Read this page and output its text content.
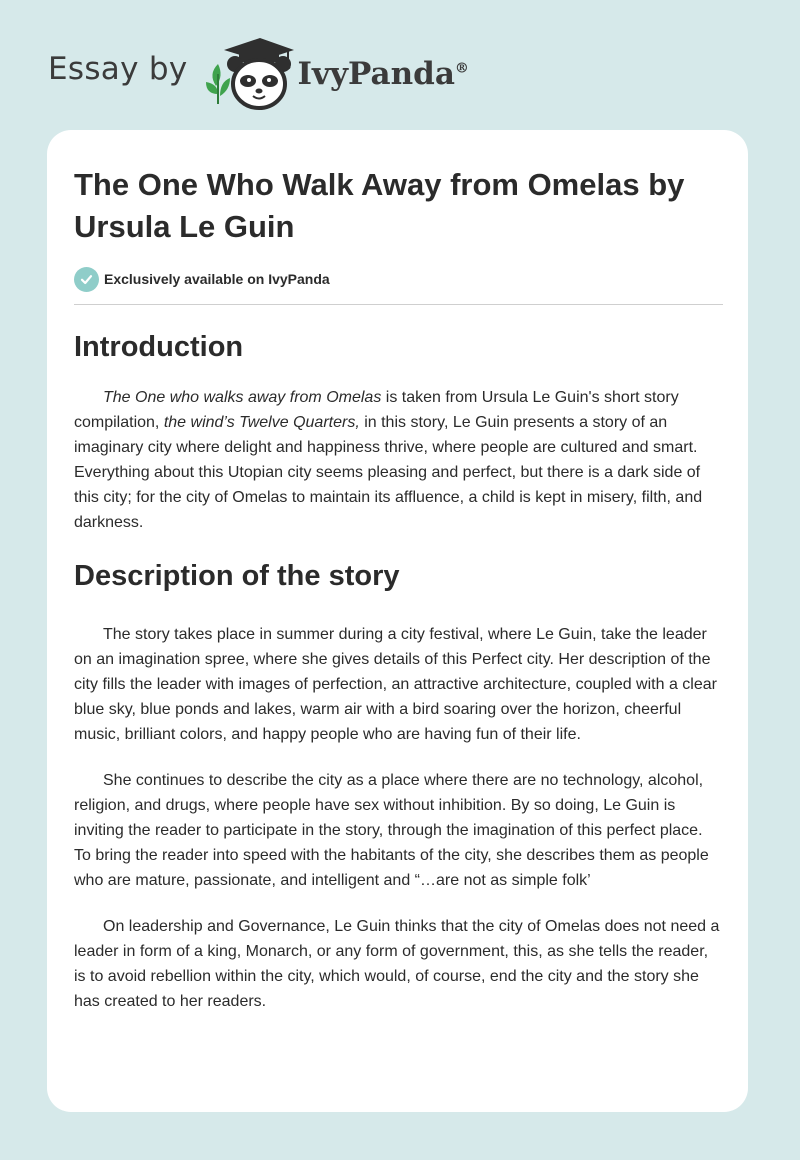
Essay by	IvyPanda®
The One Who Walk Away from Omelas by Ursula Le Guin
Exclusively available on IvyPanda
Introduction

The One who walks away from Omelas is taken from Ursula Le Guin's short story compilation, the wind’s Twelve Quarters, in this story, Le Guin presents a story of an imaginary city where delight and happiness thrive, where people are cultured and smart. Everything about this Utopian city seems pleasing and perfect, but there is a dark side of this city; for the city of Omelas to maintain its affluence, a child is kept in misery, filth, and darkness.

Description of the story

The story takes place in summer during a city festival, where Le Guin, take the leader on an imagination spree, where she gives details of this Perfect city. Her description of the city fills the leader with images of perfection, an attractive architecture, coupled with a clear blue sky, blue ponds and lakes, warm air with a bird soaring over the horizon, cheerful music, brilliant colors, and happy people who are having fun of their life.

She continues to describe the city as a place where there are no technology, alcohol, religion, and drugs, where people have sex without inhibition. By so doing, Le Guin is inviting the reader to participate in the story, through the imagination of this perfect place. To bring the reader into speed with the habitants of the city, she describes them as people who are mature, passionate, and intelligent and “…are not as simple folk’

On leadership and Governance, Le Guin thinks that the city of Omelas does not need a leader in form of a king, Monarch, or any form of government, this, as she tells the reader, is to avoid rebellion within the city, which would, of course, end the city and the story she has created to her readers.
